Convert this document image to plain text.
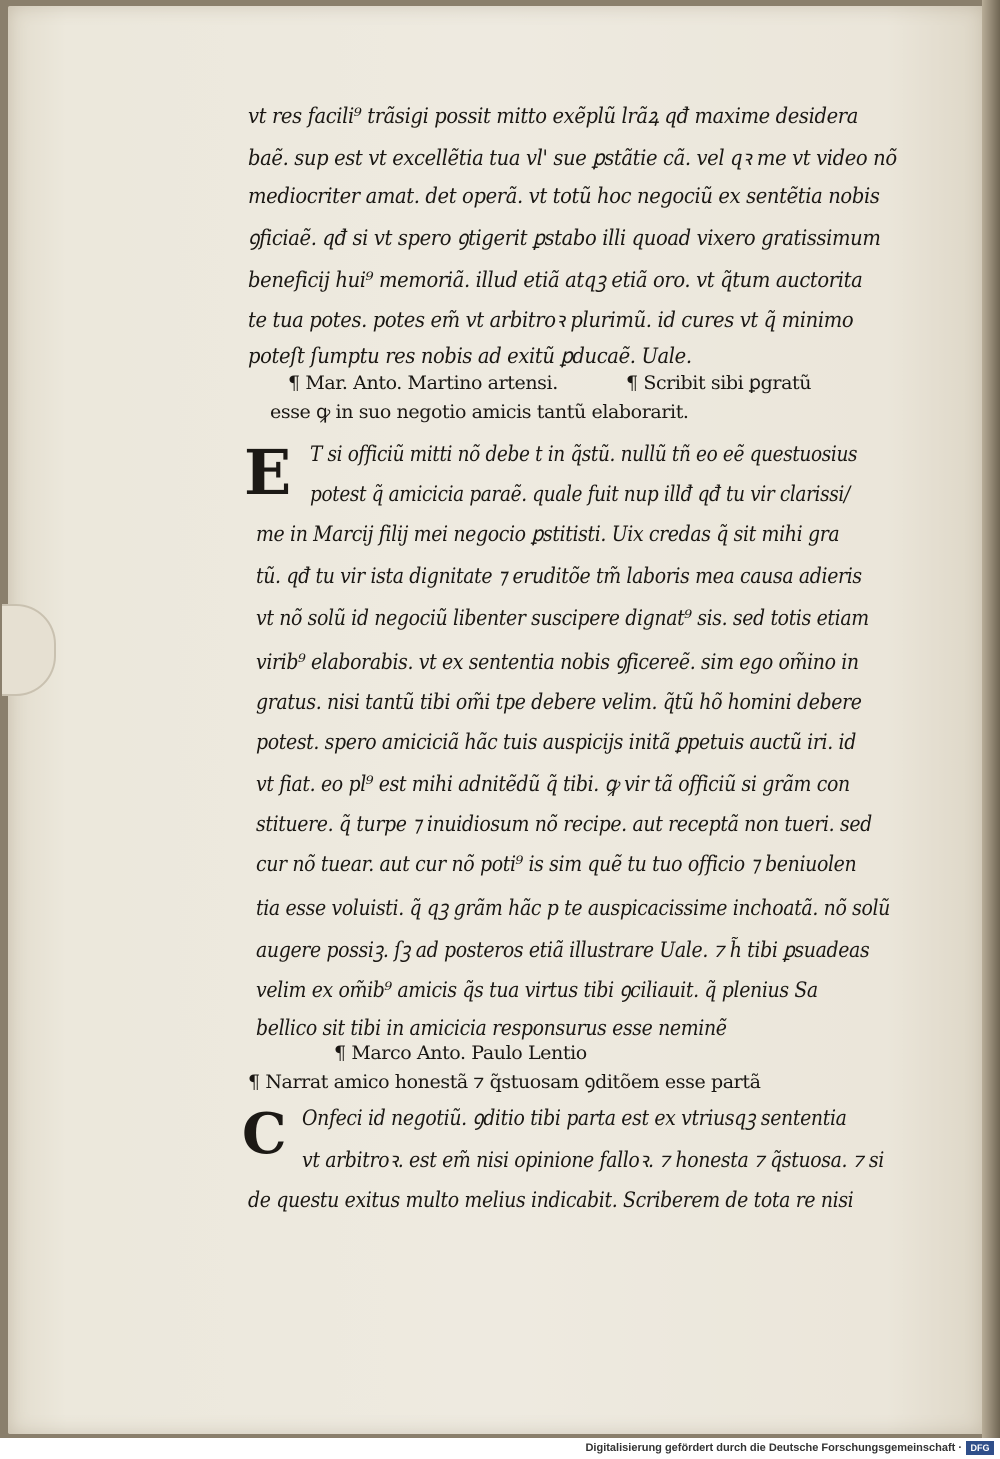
vt res facili⁹ trãsigi possit mitto exẽplũ lrãꝝ qđ maxime desidera
baẽ. sup est vt excellẽtia tua vl' sue ꝑstãtie cã. vel qꝛ me vt video nõ
mediocriter amat. det operã. vt totũ hoc negociũ ex sentẽtia nobis
ꝯficiaẽ. qđ si vt spero ꝯtigerit ꝑstabo illi quoad vixero gratissimum
beneficij hui⁹ memoriã. illud etiã atqꝫ etiã oro. vt q̃tum auctorita
te tua potes. potes em̃ vt arbitroꝛ plurimũ. id cures vt q̃ minimo
poteſt ſumptu res nobis ad exitũ ꝑducaẽ. Uale.
¶ Mar. Anto. Martino artensi.	¶ Scribit sibi ꝑgratũ
esse ꝙ in suo negotio amicis tantũ elaborarit.
E T si officiũ mitti nõ debe t in q̃stũ. nullũ tñ eo eẽ questuosius
potest q̃ amicicia paraẽ. quale fuit nup illđ qđ tu vir clarissi/
me in Marcij filij mei negocio ꝑstitisti. Uix credas q̃ sit mihi gra
tũ. qđ tu vir ista dignitate ⁊ eruditõe tm̃ laboris mea causa adieris
vt nõ solũ id negociũ libenter suscipere dignat⁹ sis. sed totis etiam
virib⁹ elaborabis. vt ex sententia nobis ꝯficereẽ. sim ego om̃ino in
gratus. nisi tantũ tibi om̃i tpe debere velim. q̃tũ hõ homini debere
potest. spero amiciciã hãc tuis auspicijs initã ꝑpetuis auctũ iri. id
vt fiat. eo pl⁹ est mihi adnitẽdũ q̃ tibi. ꝙ vir tã officiũ si grãm con
stituere. q̃ turpe ⁊ inuidiosum nõ recipe. aut receptã non tueri. sed
cur nõ tuear. aut cur nõ poti⁹ is sim quẽ tu tuo officio ⁊ beniuolen
tia esse voluisti. q̃ qꝫ grãm hãc p te auspicacissime inchoatã. nõ solũ
augere possiꝫ. ſꝫ ad posteros etiã illustrare Uale. ⁊ h̃ tibi ꝑsuadeas
velim ex om̃ib⁹ amicis q̃s tua virtus tibi ꝯciliauit. q̃ plenius Sa
bellico sit tibi in amicicia responsurus esse neminẽ
¶ Marco Anto. Paulo Lentio
¶ Narrat amico honestã ⁊ q̃stuosam ꝯditõem esse partã
C Onfeci id negotiũ. ꝯditio tibi parta est ex vtriusqꝫ sententia
vt arbitroꝛ. est em̃ nisi opinione falloꝛ. ⁊ honesta ⁊ q̃stuosa. ⁊ si
de questu exitus multo melius indicabit. Scriberem de tota re nisi
Digitalisierung gefördert durch die Deutsche Forschungsgemeinschaft · DFG
